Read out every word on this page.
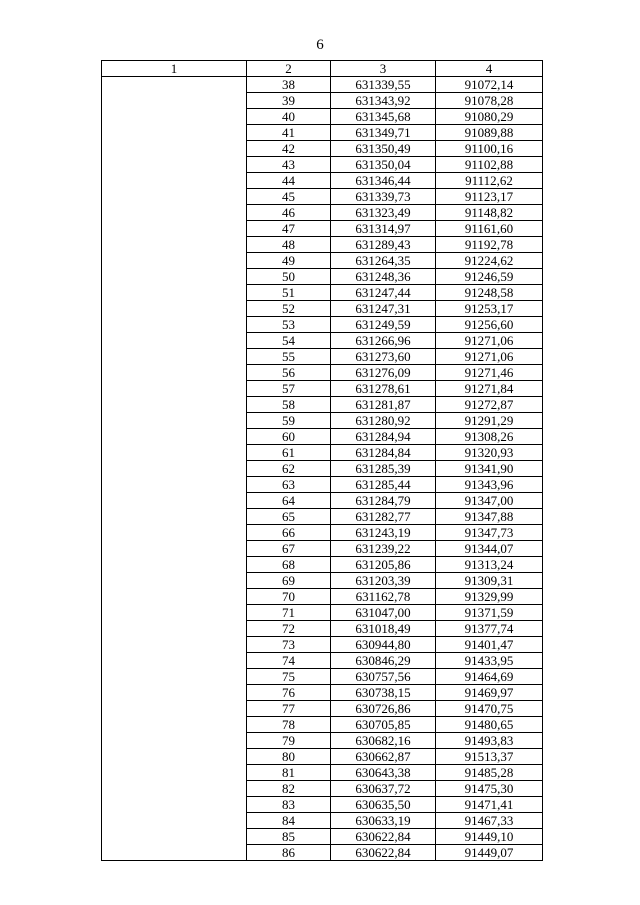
6
1	2	3	4
	38	631339,55	91072,14
	39	631343,92	91078,28
	40	631345,68	91080,29
	41	631349,71	91089,88
	42	631350,49	91100,16
	43	631350,04	91102,88
	44	631346,44	91112,62
	45	631339,73	91123,17
	46	631323,49	91148,82
	47	631314,97	91161,60
	48	631289,43	91192,78
	49	631264,35	91224,62
	50	631248,36	91246,59
	51	631247,44	91248,58
	52	631247,31	91253,17
	53	631249,59	91256,60
	54	631266,96	91271,06
	55	631273,60	91271,06
	56	631276,09	91271,46
	57	631278,61	91271,84
	58	631281,87	91272,87
	59	631280,92	91291,29
	60	631284,94	91308,26
	61	631284,84	91320,93
	62	631285,39	91341,90
	63	631285,44	91343,96
	64	631284,79	91347,00
	65	631282,77	91347,88
	66	631243,19	91347,73
	67	631239,22	91344,07
	68	631205,86	91313,24
	69	631203,39	91309,31
	70	631162,78	91329,99
	71	631047,00	91371,59
	72	631018,49	91377,74
	73	630944,80	91401,47
	74	630846,29	91433,95
	75	630757,56	91464,69
	76	630738,15	91469,97
	77	630726,86	91470,75
	78	630705,85	91480,65
	79	630682,16	91493,83
	80	630662,87	91513,37
	81	630643,38	91485,28
	82	630637,72	91475,30
	83	630635,50	91471,41
	84	630633,19	91467,33
	85	630622,84	91449,10
	86	630622,84	91449,07
